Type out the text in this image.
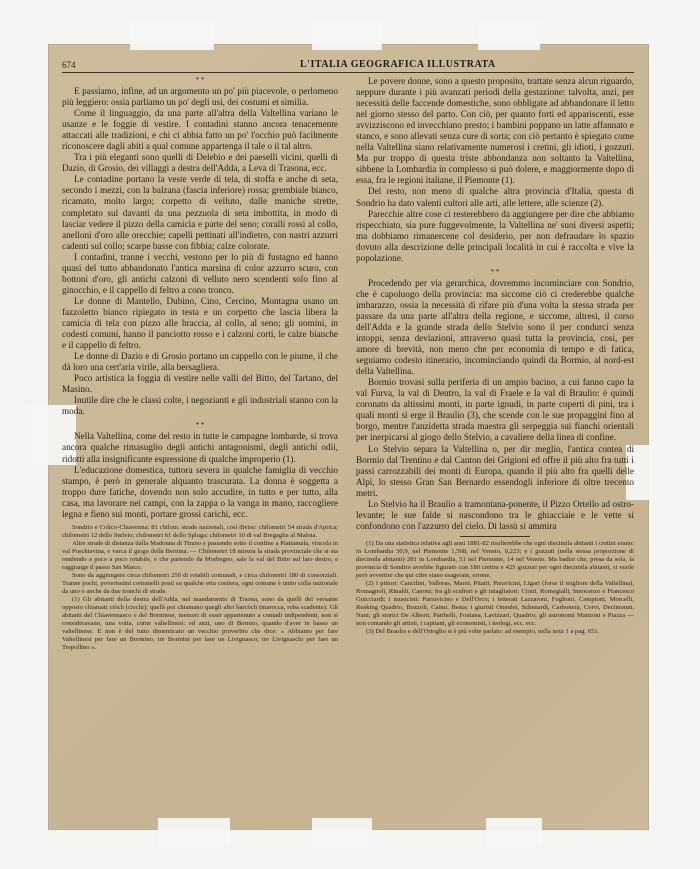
674	L'ITALIA GEOGRAFICA ILLUSTRATA

* *

E passiamo, infine, ad un argomento un po' più piacevole, o perlomeno più leggiero: ossia parliamo un po' degli usi, dei costumi et similia.

Come il linguaggio, da una parte all'altra della Valtellina variano le usanze e le foggie di vestire. I contadini stanno ancora tenacemente attaccati alle tradizioni, e chi ci abbia fatto un po' l'occhio può facilmente riconoscere dagli abiti a qual comune appartenga il tale o il tal altro.

Tra i più eleganti sono quelli di Delebio e dei paeselli vicini, quelli di Dazio, di Grosio, dei villaggi a destra dell'Adda, a Leva di Trasona, ecc.

Le contadine portano la veste verde di tela, di stoffa e anche di seta, secondo i mezzi, con la balzana (fascia inferiore) rossa; grembiale bianco, ricamato, molto largo; corpetto di velluto, dalle maniche strette, completato sul davanti da una pezzuola di seta imbottita, in modo di lasciar vedere il pizzo della camicia e parte del seno; coralli rossi al collo, anelloni d'oro alle orecchie; capelli pettinati all'indietro, con nastri azzurri cadenti sul collo; scarpe basse con fibbia; calze colorate.

I contadini, tranne i vecchi, vestono per lo più di fustagno ed hanno quasi del tutto abbandonato l'antica marsina di color azzurro scuro, con bottoni d'oro, gli antichi calzoni di velluto nero scendenti solo fino al ginocchio, e il cappello di feltro a cono tronco.

Le donne di Mantello, Dubino, Cino, Cercino, Montagna usano un fazzoletto bianco ripiegato in testa e un corpetto che lascia libera la camicia di tela con pizzo alle braccia, al collo, al seno; gli uomini, in codesti comuni, hanno il panciotto rosso e i calzoni corti, le calze bianche e il cappello di feltro.

Le donne di Dazio e di Grosio portano un cappello con le piume, il che dà loro una cert'aria virile, alla bersagliera.

Poco artistica la foggia di vestire nelle valli del Bitto, del Tartano, del Masino.

Inutile dire che le classi colte, i negozianti e gli industriali stanno con la moda.

* *

Nella Valtellina, come del resto in tutte le campagne lombarde, si trova ancora qualche rimasuglio degli antichi antagonismi, degli antichi odii, ridotti alla insignificante espressione di qualche improperio (1).

L'educazione domestica, tuttora severa in qualche famiglia di vecchio stampo, è però in generale alquanto trascurata. La donna è soggetta a troppo dure fatiche, dovendo non solo accudire, in tutto e per tutto, alla casa, ma lavorare nei campi, con la zappa o la vanga in mano, raccogliere legna e fieno sui monti, portare grossi carichi, ecc.

Sondrio e Colico-Chiavenna: 81 chilom. strade nazionali, così divise: chilometri 54 strada d'Aprica; chilometri 12 dello Stelvio; chilometri 61 dello Spluga; chilometri 10 di val Bregaglia al Maloia.

Altre strade di distanza dalla Madonna di Tirano e passando sotto il confine a Piattamala, vincola in val Poschiavina, e varca il giogo della Bernina. — Chilometri 18 misura la strada provinciale che si sta rendendo a poco a poco rotabile, e che partendo da Morbegno, sale la val del Bitto sul lato destro, e raggiunge il passo San Marco.

Sono da aggiungere circa chilometri 250 di rotabili comunali, e circa chilometri 180 di consorziali. Tranne pochi, poverissimi comunelli posti su qualche erta costiera, ogni comune è unito colla nazionale da uno o anche da due tronchi di strade.

(1) Gli abitanti della destra dell'Adda, nel mandamento di Traona, sono da quelli del versante opposto chiamati ciòch (ciechi); quelli poi chiamano quegli altri barcòch (marocca, roba scadente). Gli abitanti del Chiavennasco e del Bormiese, memori di esser appartenuto a contadi indipendenti, non si consideravano, una volta, come valtellinesi: ed anzi, uno di Bormio, quando d'aver in basso un valtellinese. E non è del tutto dimenticato un vecchio proverbio che dice: « Abbiamo per fare Valtellinesi per fare un Bormino, tre Bormini per fare un Livignasco; tre Livignaschi per fare un Trepollino ».

Le povere donne, sono a questo proposito, trattate senza alcun riguardo, neppure durante i più avanzati periodi della gestazione: talvolta, anzi, per necessità delle faccende domestiche, sono obbligate ad abbandonare il letto nel giorno stesso del parto. Con ciò, per quanto forti ed appariscenti, esse avvizziscono ed invecchiano presto; i bambini poppano un latte affannato e stanco, e sono allevati senza cure di sorta; con ciò pertanto è spiegato come nella Valtellina siano relativamente numerosi i cretini, gli idioti, i gozzuti. Ma pur troppo di questa triste abbondanza non soltanto la Valtellina, sibbene la Lombardia in complesso si può dolere, e maggiormente dopo di essa, fra le regioni italiane, il Piemonte (1).

Del resto, non meno di qualche altra provincia d'Italia, questa di Sondrio ha dato valenti cultori alle arti, alle lettere, alle scienze (2).

Parecchie altre cose ci resterebbero da aggiungere per dire che abbiamo rispecchiato, sia pure fuggevolmente, la Valtellina ne' suoi diversi aspetti; ma dobbiamo rimanercene col desiderio, per non defraudare lo spazio dovuto alla descrizione delle principali località in cui è raccolta e vive la popolazione.

* *

Procedendo per via gerarchica, dovremmo incominciare con Sondrio, che è capoluogo della provincia: ma siccome ciò ci crederebbe qualche imbarazzo, ossia la necessità di rifare più d'una volta la stessa strada per passare da una parte all'altra della regione, e siccome, altresì, il corso dell'Adda e la grande strada dello Stelvio sono il per condurci senza intoppi, senza deviazioni, attraverso quasi tutta la provincia, così, per amore di brevità, non meno che per economia di tempo e di fatica, seguiamo codesto itinerario, incominciando quindi da Bormio, al nord-est della Valtellina.

Bormio trovasi sulla periferia di un ampio bacino, a cui fanno capo la val Furva, la val di Dentro, la val di Fraele e la val di Braulio: è quindi coronato da altissimi monti, in parte ignudi, in parte coperti di pini, tra i quali monti si erge il Braulio (3), che scende con le sue propaggini fino al borgo, mentre l'anzidetta strada maestra gli serpeggia sui fianchi orientali per inerpicarsi al giogo dello Stelvio, a cavaliere della linea di confine.

Lo Stelvio separa la Valtellina o, per dir meglio, l'antica contea di Bormio dal Trentino e dal Canton dei Grigioni ed offre il più alto fra tutti i passi carrozzabili dei monti di Europa, quando il più alto fra quelli delle Alpi, lo stesso Gran San Bernardo essendogli inferiore di oltre trecento metri.

Lo Stelvio ha il Braulio a tramontana-ponente, il Pizzo Ortello ad ostro-levante; le sue falde si nascondono tra le ghiacciaie e le vette si confondono con l'azzurro del cielo. Di lassù si ammira

(1) Da una statistica relativa agli anni 1881-82 risulterebbe che ogni diecimila abitanti i cretini erano: in Lombardia 30,9, nel Piemonte 1,568, nel Veneto, 0,223; e i gozzuti (nella stessa proporzione di diecimila abitanti) 281 in Lombardia, 51 nel Piemonte, 14 nel Veneto. Ma badisi che, presa da sola, la provincia di Sondrio avrebbe figurato con 180 cretini e 425 gozzuti per ogni diecimila abitanti, si vuole però avvertire che qui cifre siano esagerate, errone.

(2) I pittori: Cancilini, Valloras, Marni, Pitatti, Paravicini, Ligari (forse il migliore della Valtellina), Romagnoli, Rinaldi, Canoni; fra gli scultori e gli intagliatori: Ciotti, Romegialli, Innocenzo e Francesco Guicciardi; i musicisti: Parravicino e Dell'Orco; i letterati Lazzaroni, Foglioni, Campioni, Morcelli, Rusking Quadrio, Bozzoli, Caimi, Besta; i giuristi Omodei, Schenardi, Carbonera, Corvi, Decimonni, Nani; gli storici De Alberti, Paribelli, Fontana, Lavizzari, Quadrio; gli astronomi Manzoni e Piazza — non contando gli artisti, i capitani, gli economisti, i teologi, ecc. ecc.

(3) Del Braulio e dell'Ortoglio si è più volte parlato: ad esempio, nella nota 1 a pag. 651.
